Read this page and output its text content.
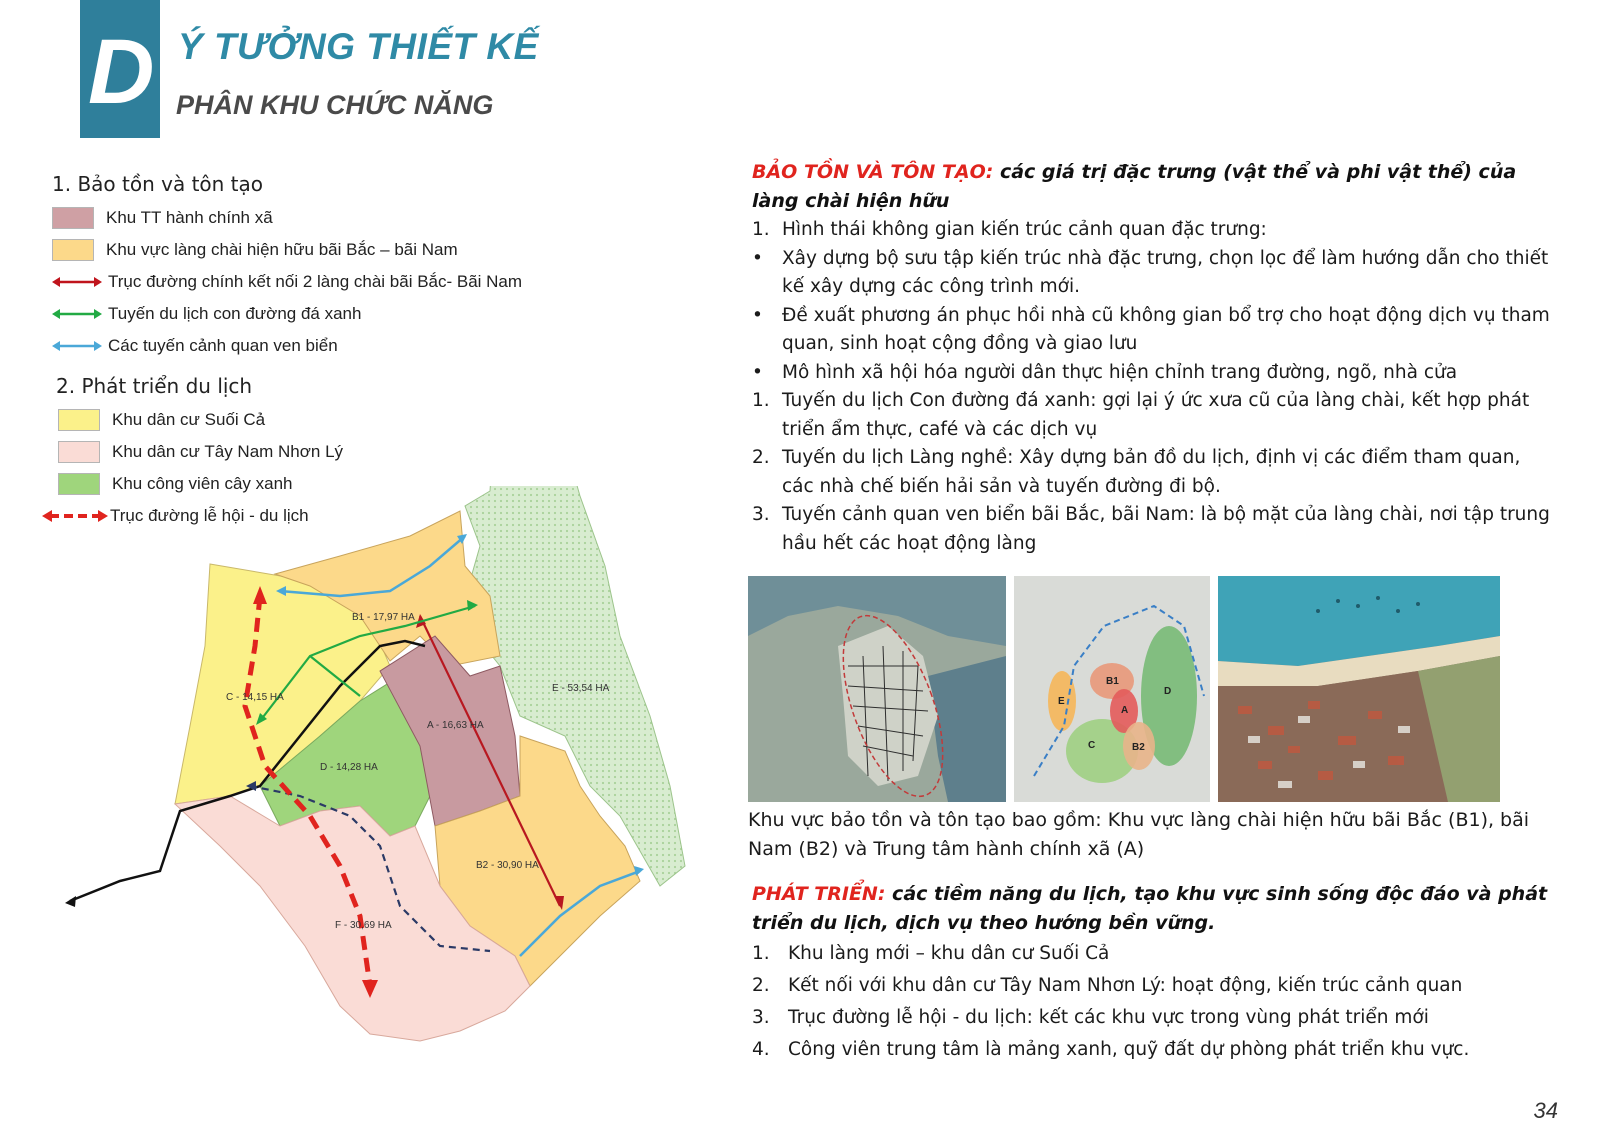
D Ý TƯỞNG THIẾT KẾ
PHÂN KHU CHỨC NĂNG
1. Bảo tồn và tôn tạo
Khu TT hành chính xã
Khu vực làng chài hiện hữu bãi Bắc – bãi Nam
Trục đường chính kết nối 2 làng chài bãi Bắc- Bãi Nam
Tuyến du lịch con đường đá xanh
Các tuyến cảnh quan ven biển
2. Phát triển du lịch
Khu dân cư Suối Cả
Khu dân cư Tây Nam Nhơn Lý
Khu công viên cây xanh
Trục đường lễ hội - du lịch
B1 - 17,97 HA
C - 14,15 HA
A - 16,63 HA
D - 14,28 HA
E - 53,54 HA
B2 - 30,90 HA
F - 30,69 HA
BẢO TỒN VÀ TÔN TẠO: các giá trị đặc trưng (vật thể và phi vật thể) của làng chài hiện hữu
1. Hình thái không gian kiến trúc cảnh quan đặc trưng:
•	Xây dựng bộ sưu tập kiến trúc nhà đặc trưng, chọn lọc để làm hướng dẫn cho thiết kế xây dựng các công trình mới.
•	Đề xuất phương án phục hồi nhà cũ không gian bổ trợ cho hoạt động dịch vụ tham quan, sinh hoạt cộng đồng và giao lưu
•	Mô hình xã hội hóa người dân thực hiện chỉnh trang đường, ngõ, nhà cửa
1. Tuyến du lịch Con đường đá xanh: gợi lại ý ức xưa cũ của làng chài, kết hợp phát triển ẩm thực, café và các dịch vụ
2. Tuyến du lịch Làng nghề: Xây dựng bản đồ du lịch, định vị các điểm tham quan, các nhà chế biến hải sản và tuyến đường đi bộ.
3. Tuyến cảnh quan ven biển bãi Bắc, bãi Nam: là bộ mặt của làng chài, nơi tập trung hầu hết các hoạt động làng
B1
A
D
E
C	B2
Khu vực bảo tồn và tôn tạo bao gồm: Khu vực làng chài hiện hữu bãi Bắc (B1), bãi Nam (B2) và Trung tâm hành chính xã (A)
PHÁT TRIỂN: các tiềm năng du lịch, tạo khu vực sinh sống độc đáo và phát triển du lịch, dịch vụ theo hướng bền vững.
1. Khu làng mới – khu dân cư Suối Cả
2. Kết nối với khu dân cư Tây Nam Nhơn Lý: hoạt động, kiến trúc cảnh quan
3. Trục đường lễ hội - du lịch: kết các khu vực trong vùng phát triển mới
4. Công viên trung tâm là mảng xanh, quỹ đất dự phòng phát triển khu vực.
34
